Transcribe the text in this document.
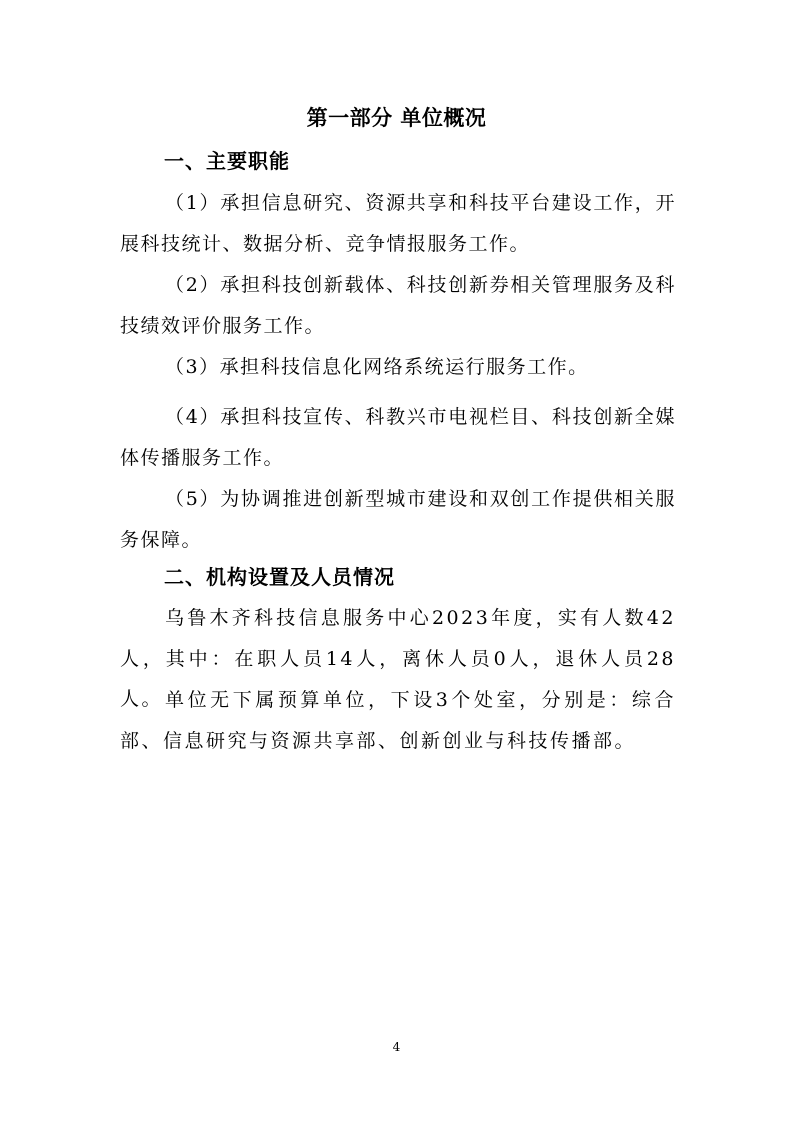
第一部分 单位概况
一、主要职能
（1）承担信息研究、资源共享和科技平台建设工作，开展科技统计、数据分析、竞争情报服务工作。
（2）承担科技创新载体、科技创新券相关管理服务及科技绩效评价服务工作。
（3）承担科技信息化网络系统运行服务工作。
（4）承担科技宣传、科教兴市电视栏目、科技创新全媒体传播服务工作。
（5）为协调推进创新型城市建设和双创工作提供相关服务保障。
二、机构设置及人员情况
乌鲁木齐科技信息服务中心2023年度，实有人数42人，其中：在职人员14人，离休人员0人，退休人员28人。 单位无下属预算单位，下设3个处室，分别是：综合部、信息研究与资源共享部、创新创业与科技传播部。
4
